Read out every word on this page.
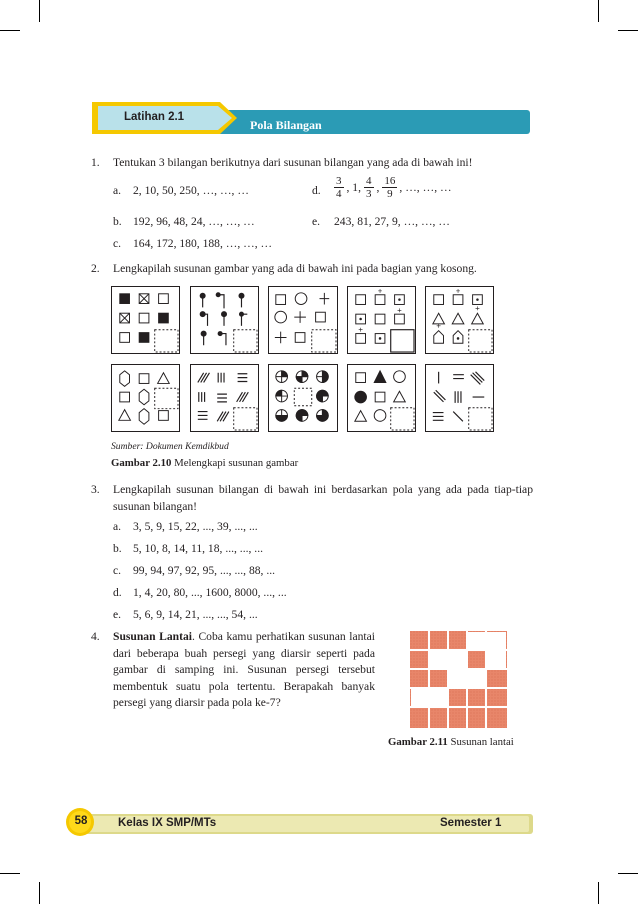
Latihan 2.1
Pola Bilangan
1. Tentukan 3 bilangan berikutnya dari susunan bilangan yang ada di bawah ini!
a. 2, 10, 50, 250, …, …, …	d. $\frac{3}{4}$ , 1, $\frac{4}{3}$ , $\frac{16}{9}$ , …, …, …
b. 192, 96, 48, 24, …, …, …	e. 243, 81, 27, 9, …, …, …
c. 164, 172, 180, 188, …, …, …
2. Lengkapilah susunan gambar yang ada di bawah ini pada bagian yang kosong.
Sumber: Dokumen Kemdikbud
Gambar 2.10 Melengkapi susunan gambar
3. Lengkapilah susunan bilangan di bawah ini berdasarkan pola yang ada pada tiap-tiap susunan bilangan!
a. 3, 5, 9, 15, 22, ..., 39, ..., ...
b. 5, 10, 8, 14, 11, 18, ..., ..., ...
c. 99, 94, 97, 92, 95, ..., ..., 88, ...
d. 1, 4, 20, 80, ..., 1600, 8000, ..., ...
e. 5, 6, 9, 14, 21, ..., ..., 54, ...
4. Susunan Lantai. Coba kamu perhatikan susunan lantai dari beberapa buah persegi yang diarsir seperti pada gambar di samping ini. Susunan persegi tersebut membentuk suatu pola tertentu. Berapakah banyak persegi yang diarsir pada pola ke-7?
Gambar 2.11 Susunan lantai
58	Kelas IX SMP/MTs	Semester 1
